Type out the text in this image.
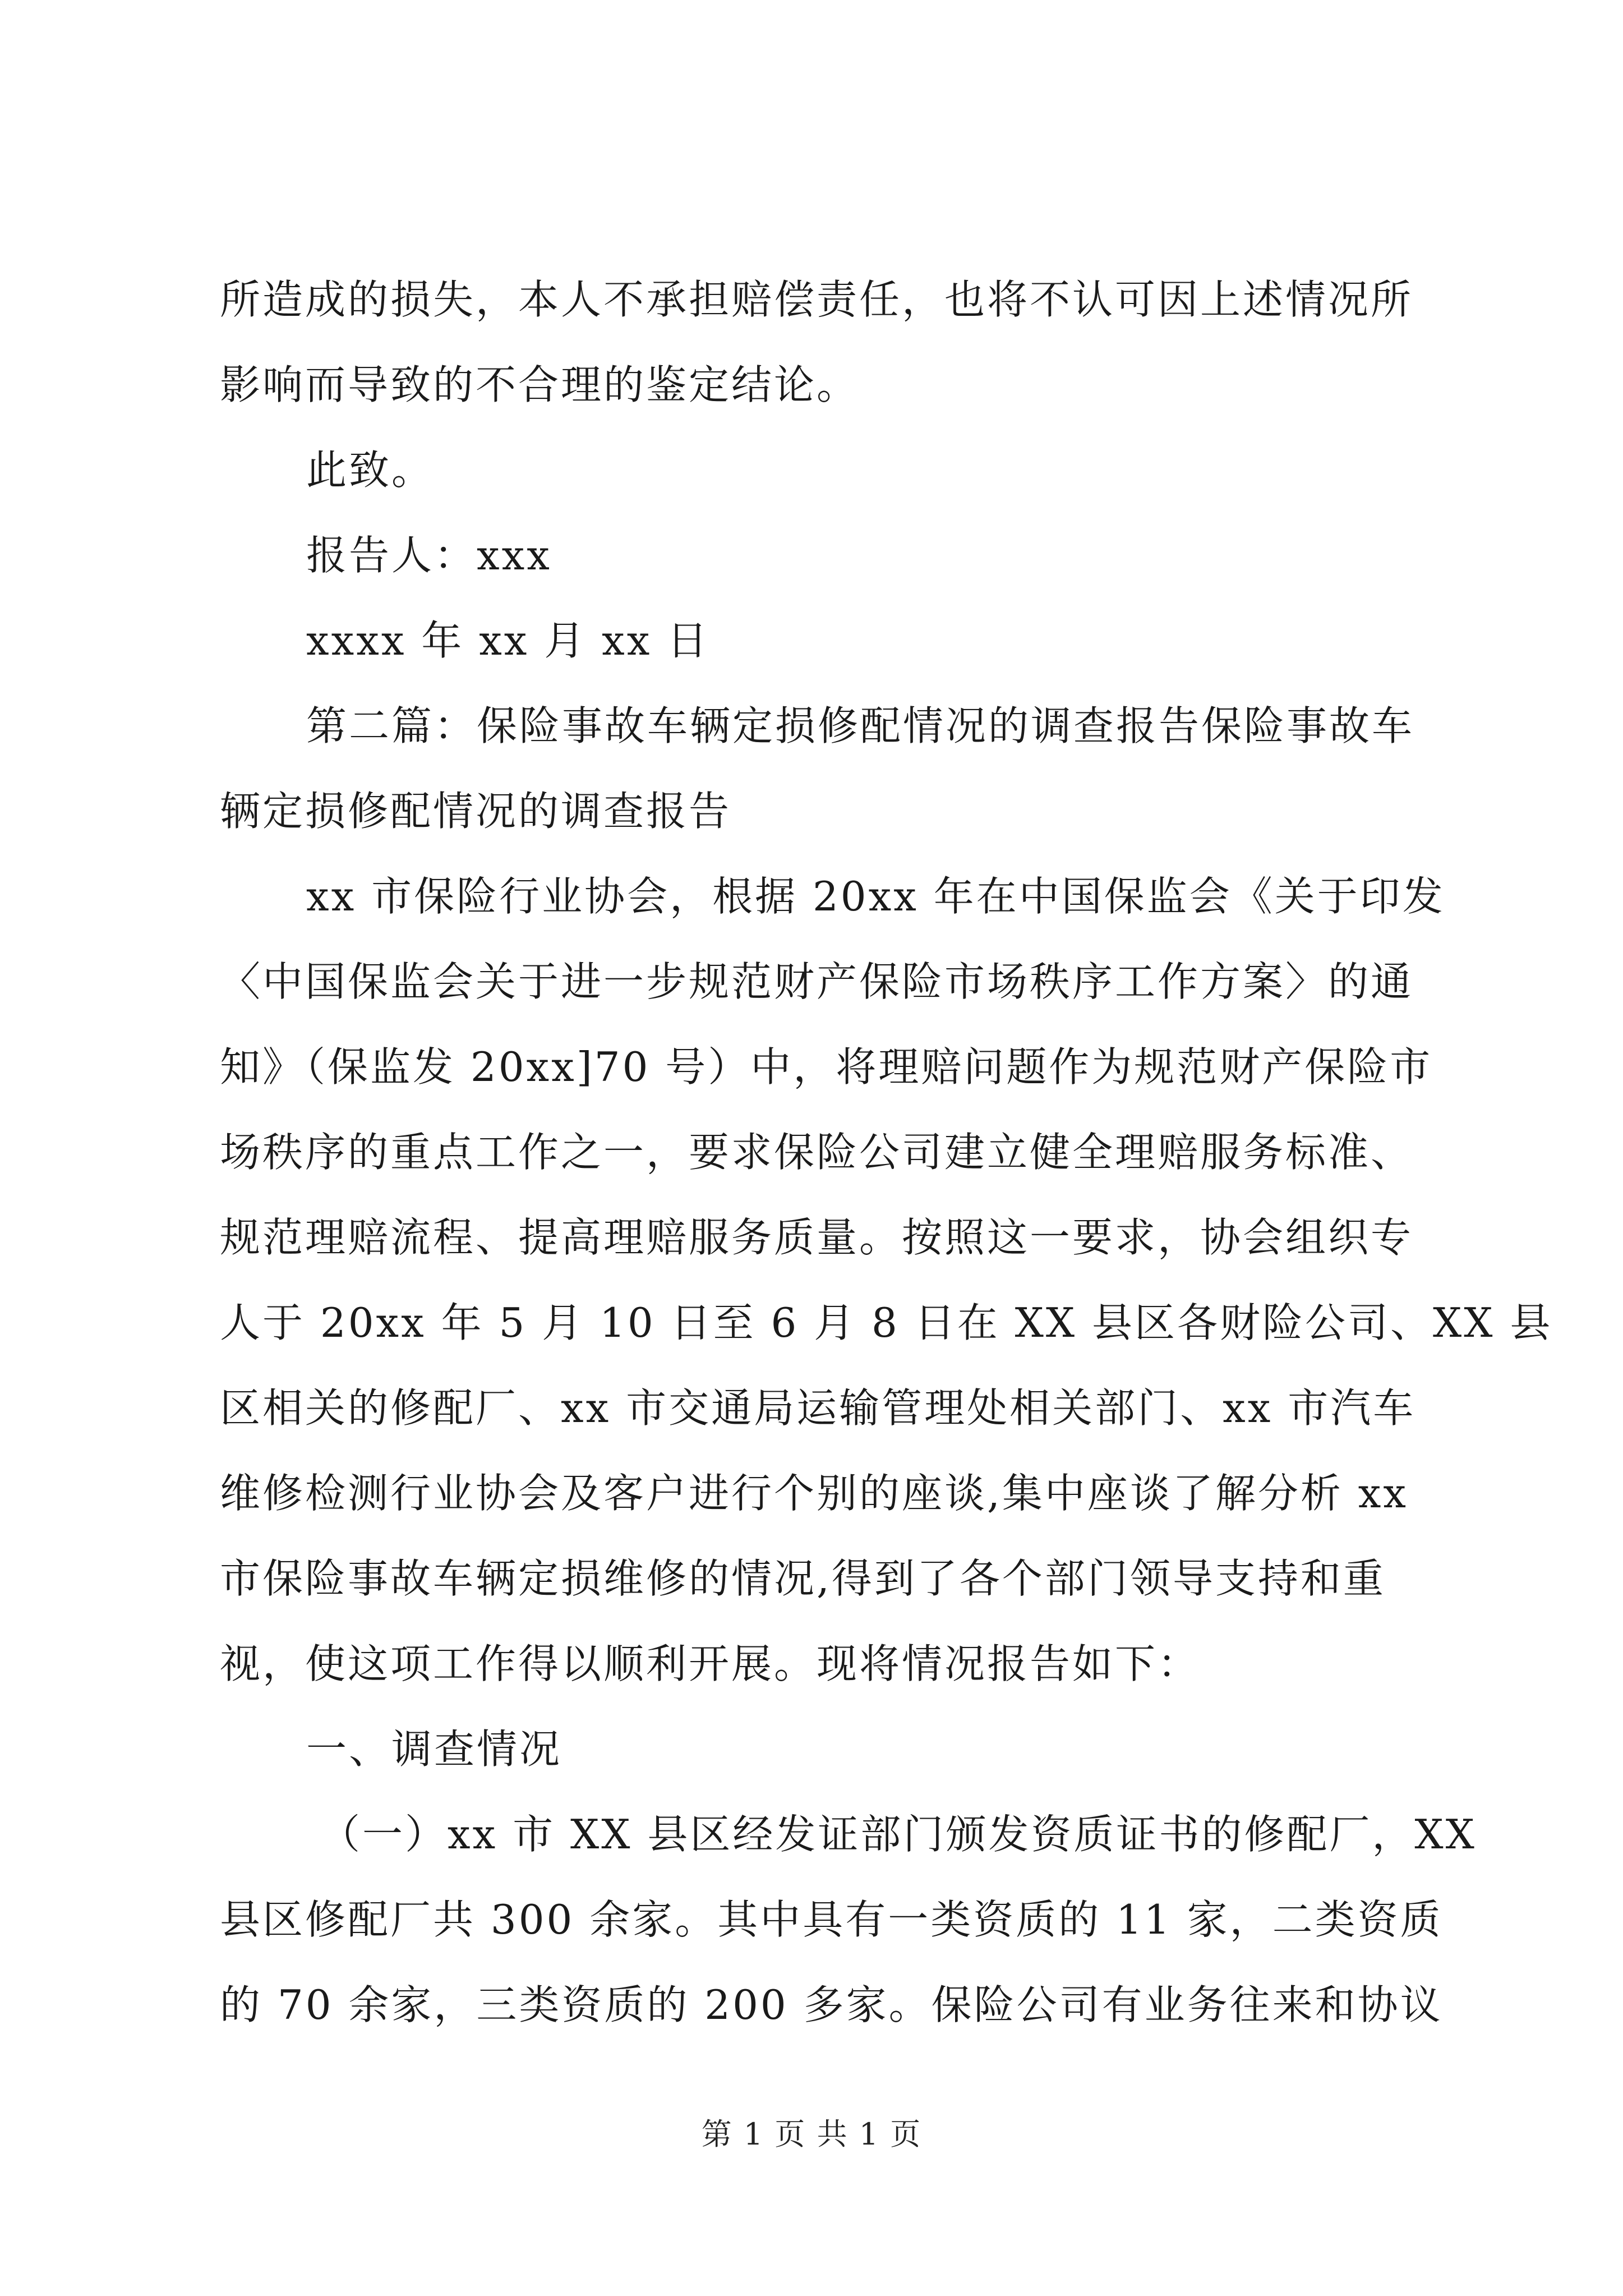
所造成的损失，本人不承担赔偿责任，也将不认可因上述情况所
影响而导致的不合理的鉴定结论。
此致。
报告人：xxx
xxxx 年 xx 月 xx 日
第二篇：保险事故车辆定损修配情况的调查报告保险事故车
辆定损修配情况的调查报告
xx 市保险行业协会，根据 20xx 年在中国保监会《关于印发
〈中国保监会关于进一步规范财产保险市场秩序工作方案〉的通
知》（保监发 20xx]70 号）中，将理赔问题作为规范财产保险市
场秩序的重点工作之一，要求保险公司建立健全理赔服务标准、
规范理赔流程、提高理赔服务质量。按照这一要求，协会组织专
人于 20xx 年 5 月 10 日至 6 月 8 日在 XX 县区各财险公司、XX 县
区相关的修配厂、xx 市交通局运输管理处相关部门、xx 市汽车
维修检测行业协会及客户进行个别的座谈,集中座谈了解分析 xx
市保险事故车辆定损维修的情况,得到了各个部门领导支持和重
视，使这项工作得以顺利开展。现将情况报告如下：
一、调查情况
（一）xx 市 XX 县区经发证部门颁发资质证书的修配厂，XX
县区修配厂共 300 余家。其中具有一类资质的 11 家，二类资质
的 70 余家，三类资质的 200 多家。保险公司有业务往来和协议
第 1 页 共 1 页
